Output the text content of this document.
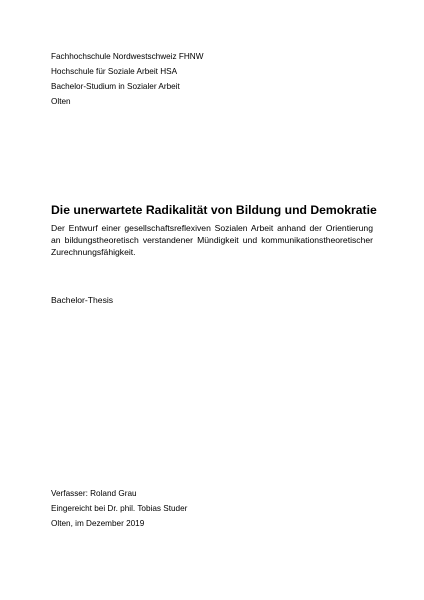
Fachhochschule Nordwestschweiz FHNW
Hochschule für Soziale Arbeit HSA
Bachelor-Studium in Sozialer Arbeit
Olten
Die unerwartete Radikalität von Bildung und Demokratie

Der Entwurf einer gesellschaftsreflexiven Sozialen Arbeit anhand der Orientierung an bildungstheoretisch verstandener Mündigkeit und kommunikationstheoretischer Zurechnungsfähigkeit.

Bachelor-Thesis
Verfasser: Roland Grau
Eingereicht bei Dr. phil. Tobias Studer
Olten, im Dezember 2019
